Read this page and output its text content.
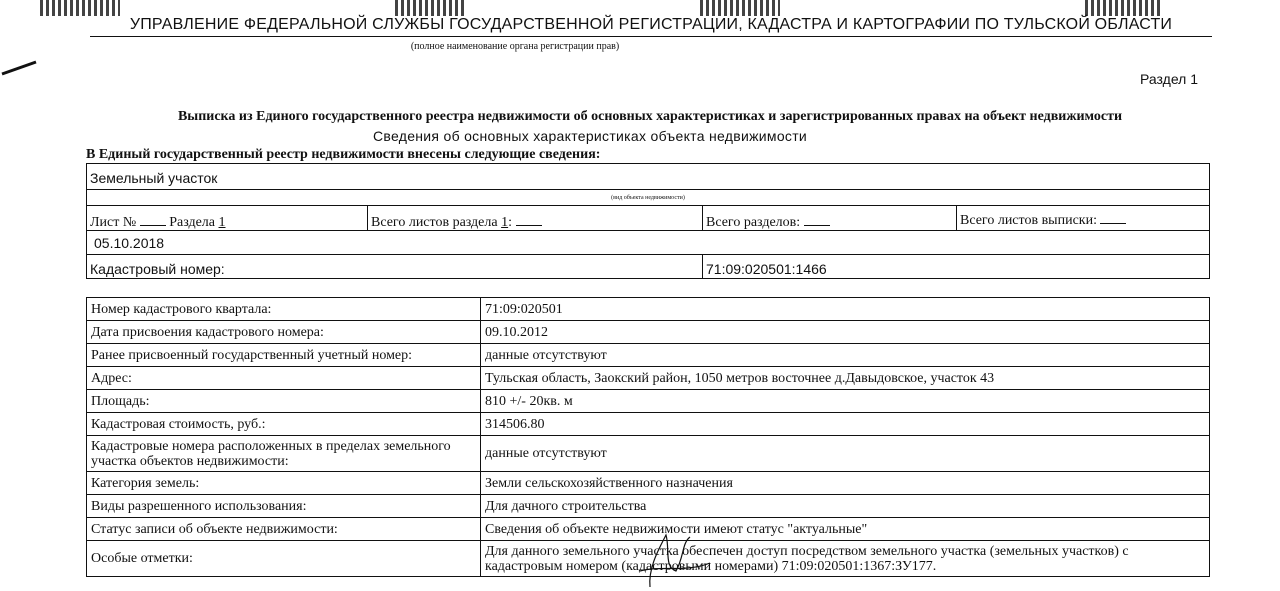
УПРАВЛЕНИЕ ФЕДЕРАЛЬНОЙ СЛУЖБЫ ГОСУДАРСТВЕННОЙ РЕГИСТРАЦИИ, КАДАСТРА И КАРТОГРАФИИ ПО ТУЛЬСКОЙ ОБЛАСТИ
(полное наименование органа регистрации прав)
Раздел 1
Выписка из Единого государственного реестра недвижимости об основных характеристиках и зарегистрированных правах на объект недвижимости
Сведения об основных характеристиках объекта недвижимости
В Единый государственный реестр недвижимости внесены следующие сведения:
Земельный участок
(вид объекта недвижимости)
Лист № Раздела 1	Всего листов раздела 1:	Всего разделов:	Всего листов выписки:
05.10.2018
Кадастровый номер:	71:09:020501:1466
Номер кадастрового квартала:	71:09:020501
Дата присвоения кадастрового номера:	09.10.2012
Ранее присвоенный государственный учетный номер:	данные отсутствуют
Адрес:	Тульская область, Заокский район, 1050 метров восточнее д.Давыдовское, участок 43
Площадь:	810 +/- 20кв. м
Кадастровая стоимость, руб.:	314506.80
Кадастровые номера расположенных в пределах земельного участка объектов недвижимости:	данные отсутствуют
Категория земель:	Земли сельскохозяйственного назначения
Виды разрешенного использования:	Для дачного строительства
Статус записи об объекте недвижимости:	Сведения об объекте недвижимости имеют статус "актуальные"
Особые отметки:	Для данного земельного участка обеспечен доступ посредством земельного участка (земельных участков) с кадастровым номером (кадастровыми номерами) 71:09:020501:1367:ЗУ177.
